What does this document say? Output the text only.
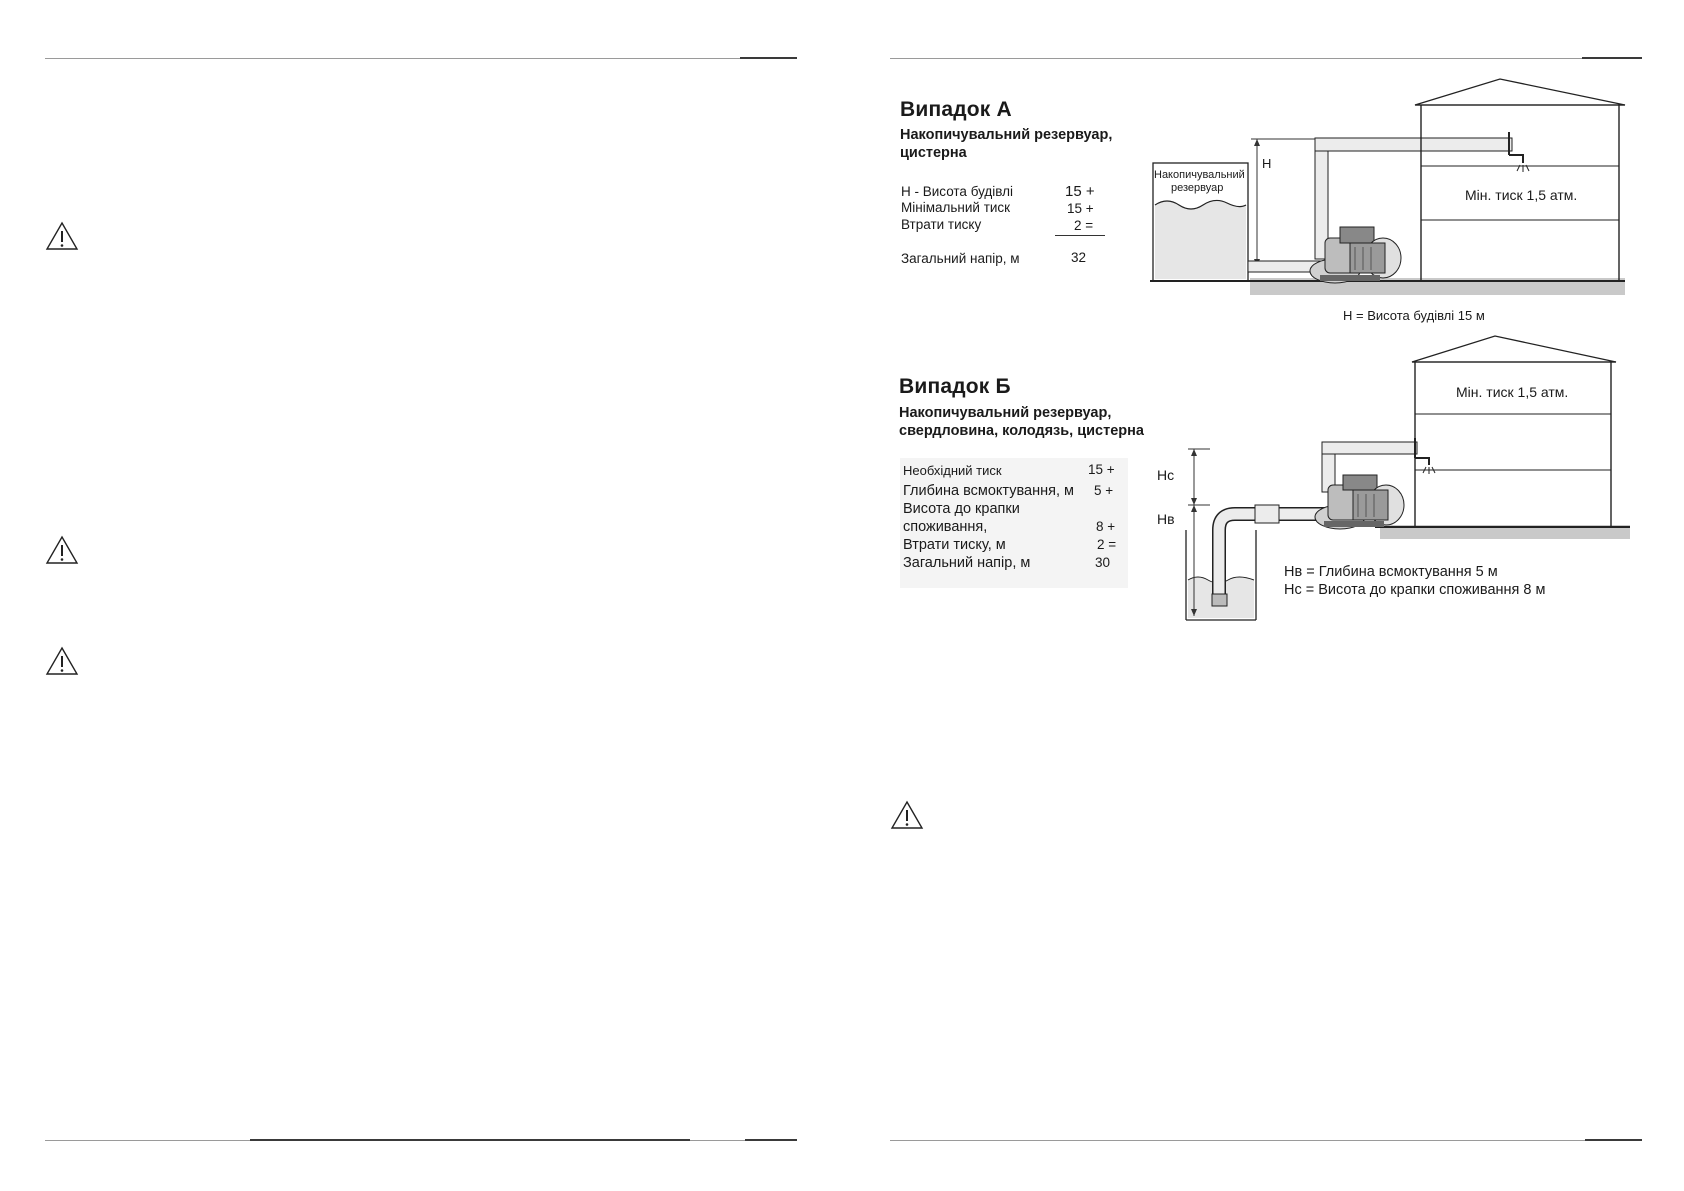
Випадок А
Накопичувальний резервуар,
цистерна
Н - Висота будівлі	15 +
Мінімальний тиск	15 +
Втрати тиску	2 =
Загальний напір, м	32
Накопичувальний
резервуар
Н
Мін. тиск 1,5 атм.
Н = Висота будівлі 15 м
Випадок Б
Накопичувальний резервуар,
свердловина, колодязь, цистерна
Необхідний тиск	15 +
Глибина всмоктування, м 5 +
Висота до крапки
споживання,	8 +
Втрати тиску, м	2 =
Загальний напір, м	30
Нс
Нв
Мін. тиск 1,5 атм.
Нв = Глибина всмоктування 5 м
Нс = Висота до крапки споживання 8 м
